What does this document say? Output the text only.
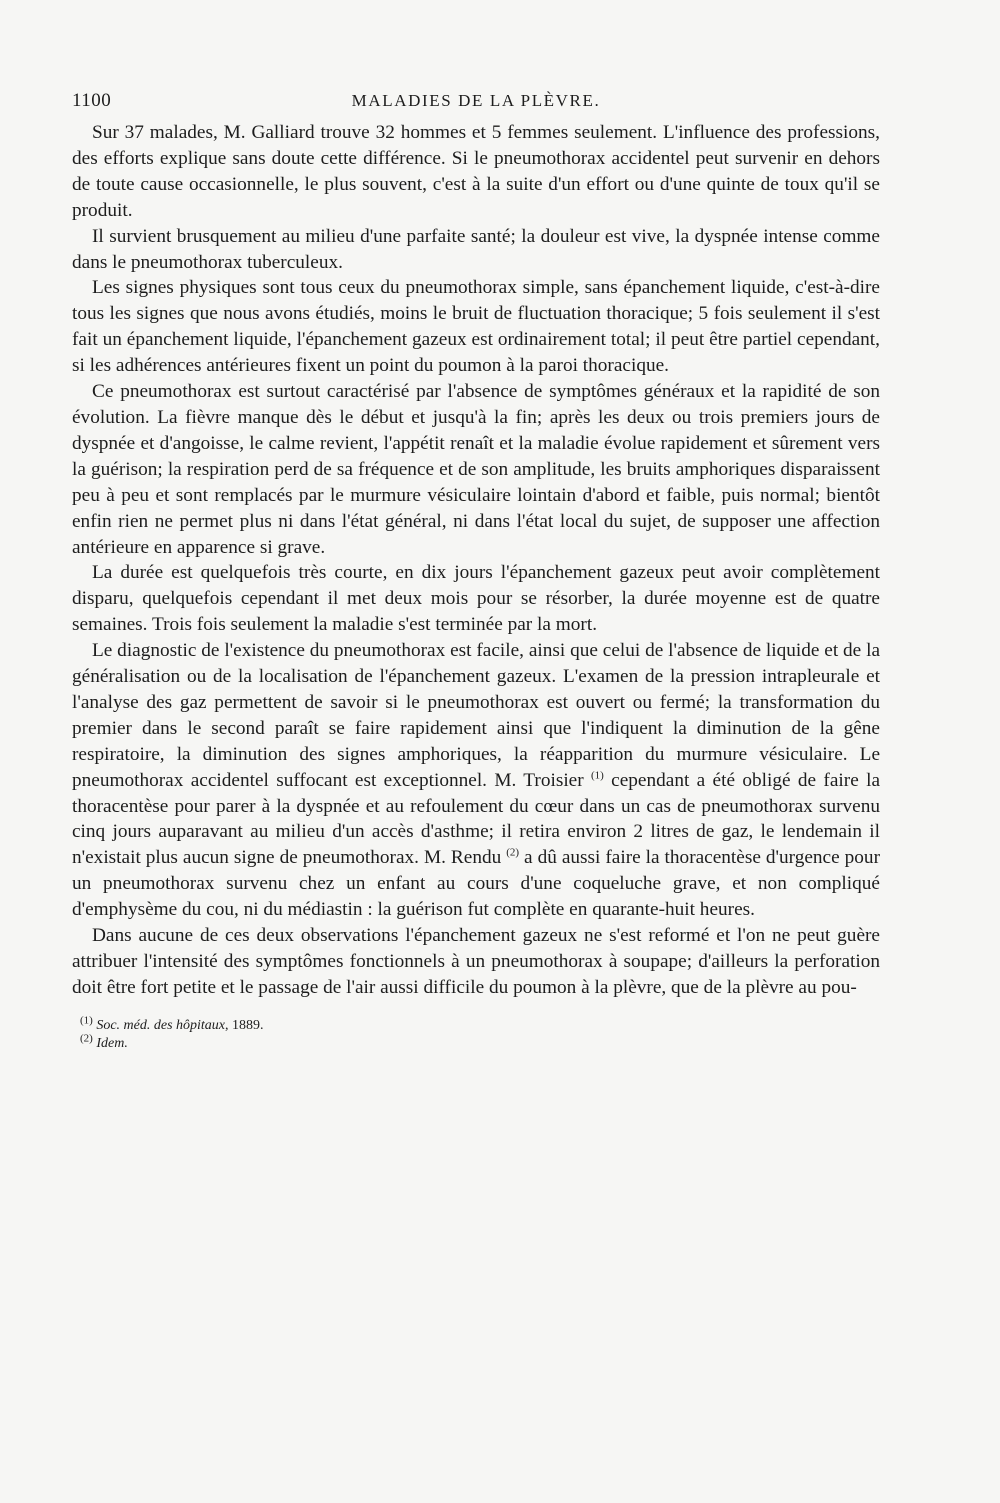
1100	MALADIES DE LA PLÈVRE.

Sur 37 malades, M. Galliard trouve 32 hommes et 5 femmes seulement. L'influence des professions, des efforts explique sans doute cette différence. Si le pneumothorax accidentel peut survenir en dehors de toute cause occasionnelle, le plus souvent, c'est à la suite d'un effort ou d'une quinte de toux qu'il se produit.

Il survient brusquement au milieu d'une parfaite santé; la douleur est vive, la dyspnée intense comme dans le pneumothorax tuberculeux.

Les signes physiques sont tous ceux du pneumothorax simple, sans épanchement liquide, c'est-à-dire tous les signes que nous avons étudiés, moins le bruit de fluctuation thoracique; 5 fois seulement il s'est fait un épanchement liquide, l'épanchement gazeux est ordinairement total; il peut être partiel cependant, si les adhérences antérieures fixent un point du poumon à la paroi thoracique.

Ce pneumothorax est surtout caractérisé par l'absence de symptômes généraux et la rapidité de son évolution. La fièvre manque dès le début et jusqu'à la fin; après les deux ou trois premiers jours de dyspnée et d'angoisse, le calme revient, l'appétit renaît et la maladie évolue rapidement et sûrement vers la guérison; la respiration perd de sa fréquence et de son amplitude, les bruits amphoriques disparaissent peu à peu et sont remplacés par le murmure vésiculaire lointain d'abord et faible, puis normal; bientôt enfin rien ne permet plus ni dans l'état général, ni dans l'état local du sujet, de supposer une affection antérieure en apparence si grave.

La durée est quelquefois très courte, en dix jours l'épanchement gazeux peut avoir complètement disparu, quelquefois cependant il met deux mois pour se résorber, la durée moyenne est de quatre semaines. Trois fois seulement la maladie s'est terminée par la mort.

Le diagnostic de l'existence du pneumothorax est facile, ainsi que celui de l'absence de liquide et de la généralisation ou de la localisation de l'épanchement gazeux. L'examen de la pression intrapleurale et l'analyse des gaz permettent de savoir si le pneumothorax est ouvert ou fermé; la transformation du premier dans le second paraît se faire rapidement ainsi que l'indiquent la diminution de la gêne respiratoire, la diminution des signes amphoriques, la réapparition du murmure vésiculaire. Le pneumothorax accidentel suffocant est exceptionnel. M. Troisier $^{(1)}$ cependant a été obligé de faire la thoracentèse pour parer à la dyspnée et au refoulement du cœur dans un cas de pneumothorax survenu cinq jours auparavant au milieu d'un accès d'asthme; il retira environ 2 litres de gaz, le lendemain il n'existait plus aucun signe de pneumothorax. M. Rendu $^{(2)}$ a dû aussi faire la thoracentèse d'urgence pour un pneumothorax survenu chez un enfant au cours d'une coqueluche grave, et non compliqué d'emphysème du cou, ni du médiastin : la guérison fut complète en quarante-huit heures.

Dans aucune de ces deux observations l'épanchement gazeux ne s'est reformé et l'on ne peut guère attribuer l'intensité des symptômes fonctionnels à un pneumothorax à soupape; d'ailleurs la perforation doit être fort petite et le passage de l'air aussi difficile du poumon à la plèvre, que de la plèvre au pou-

$^{(1)}$ Soc. méd. des hôpitaux, 1889.
$^{(2)}$ Idem.
